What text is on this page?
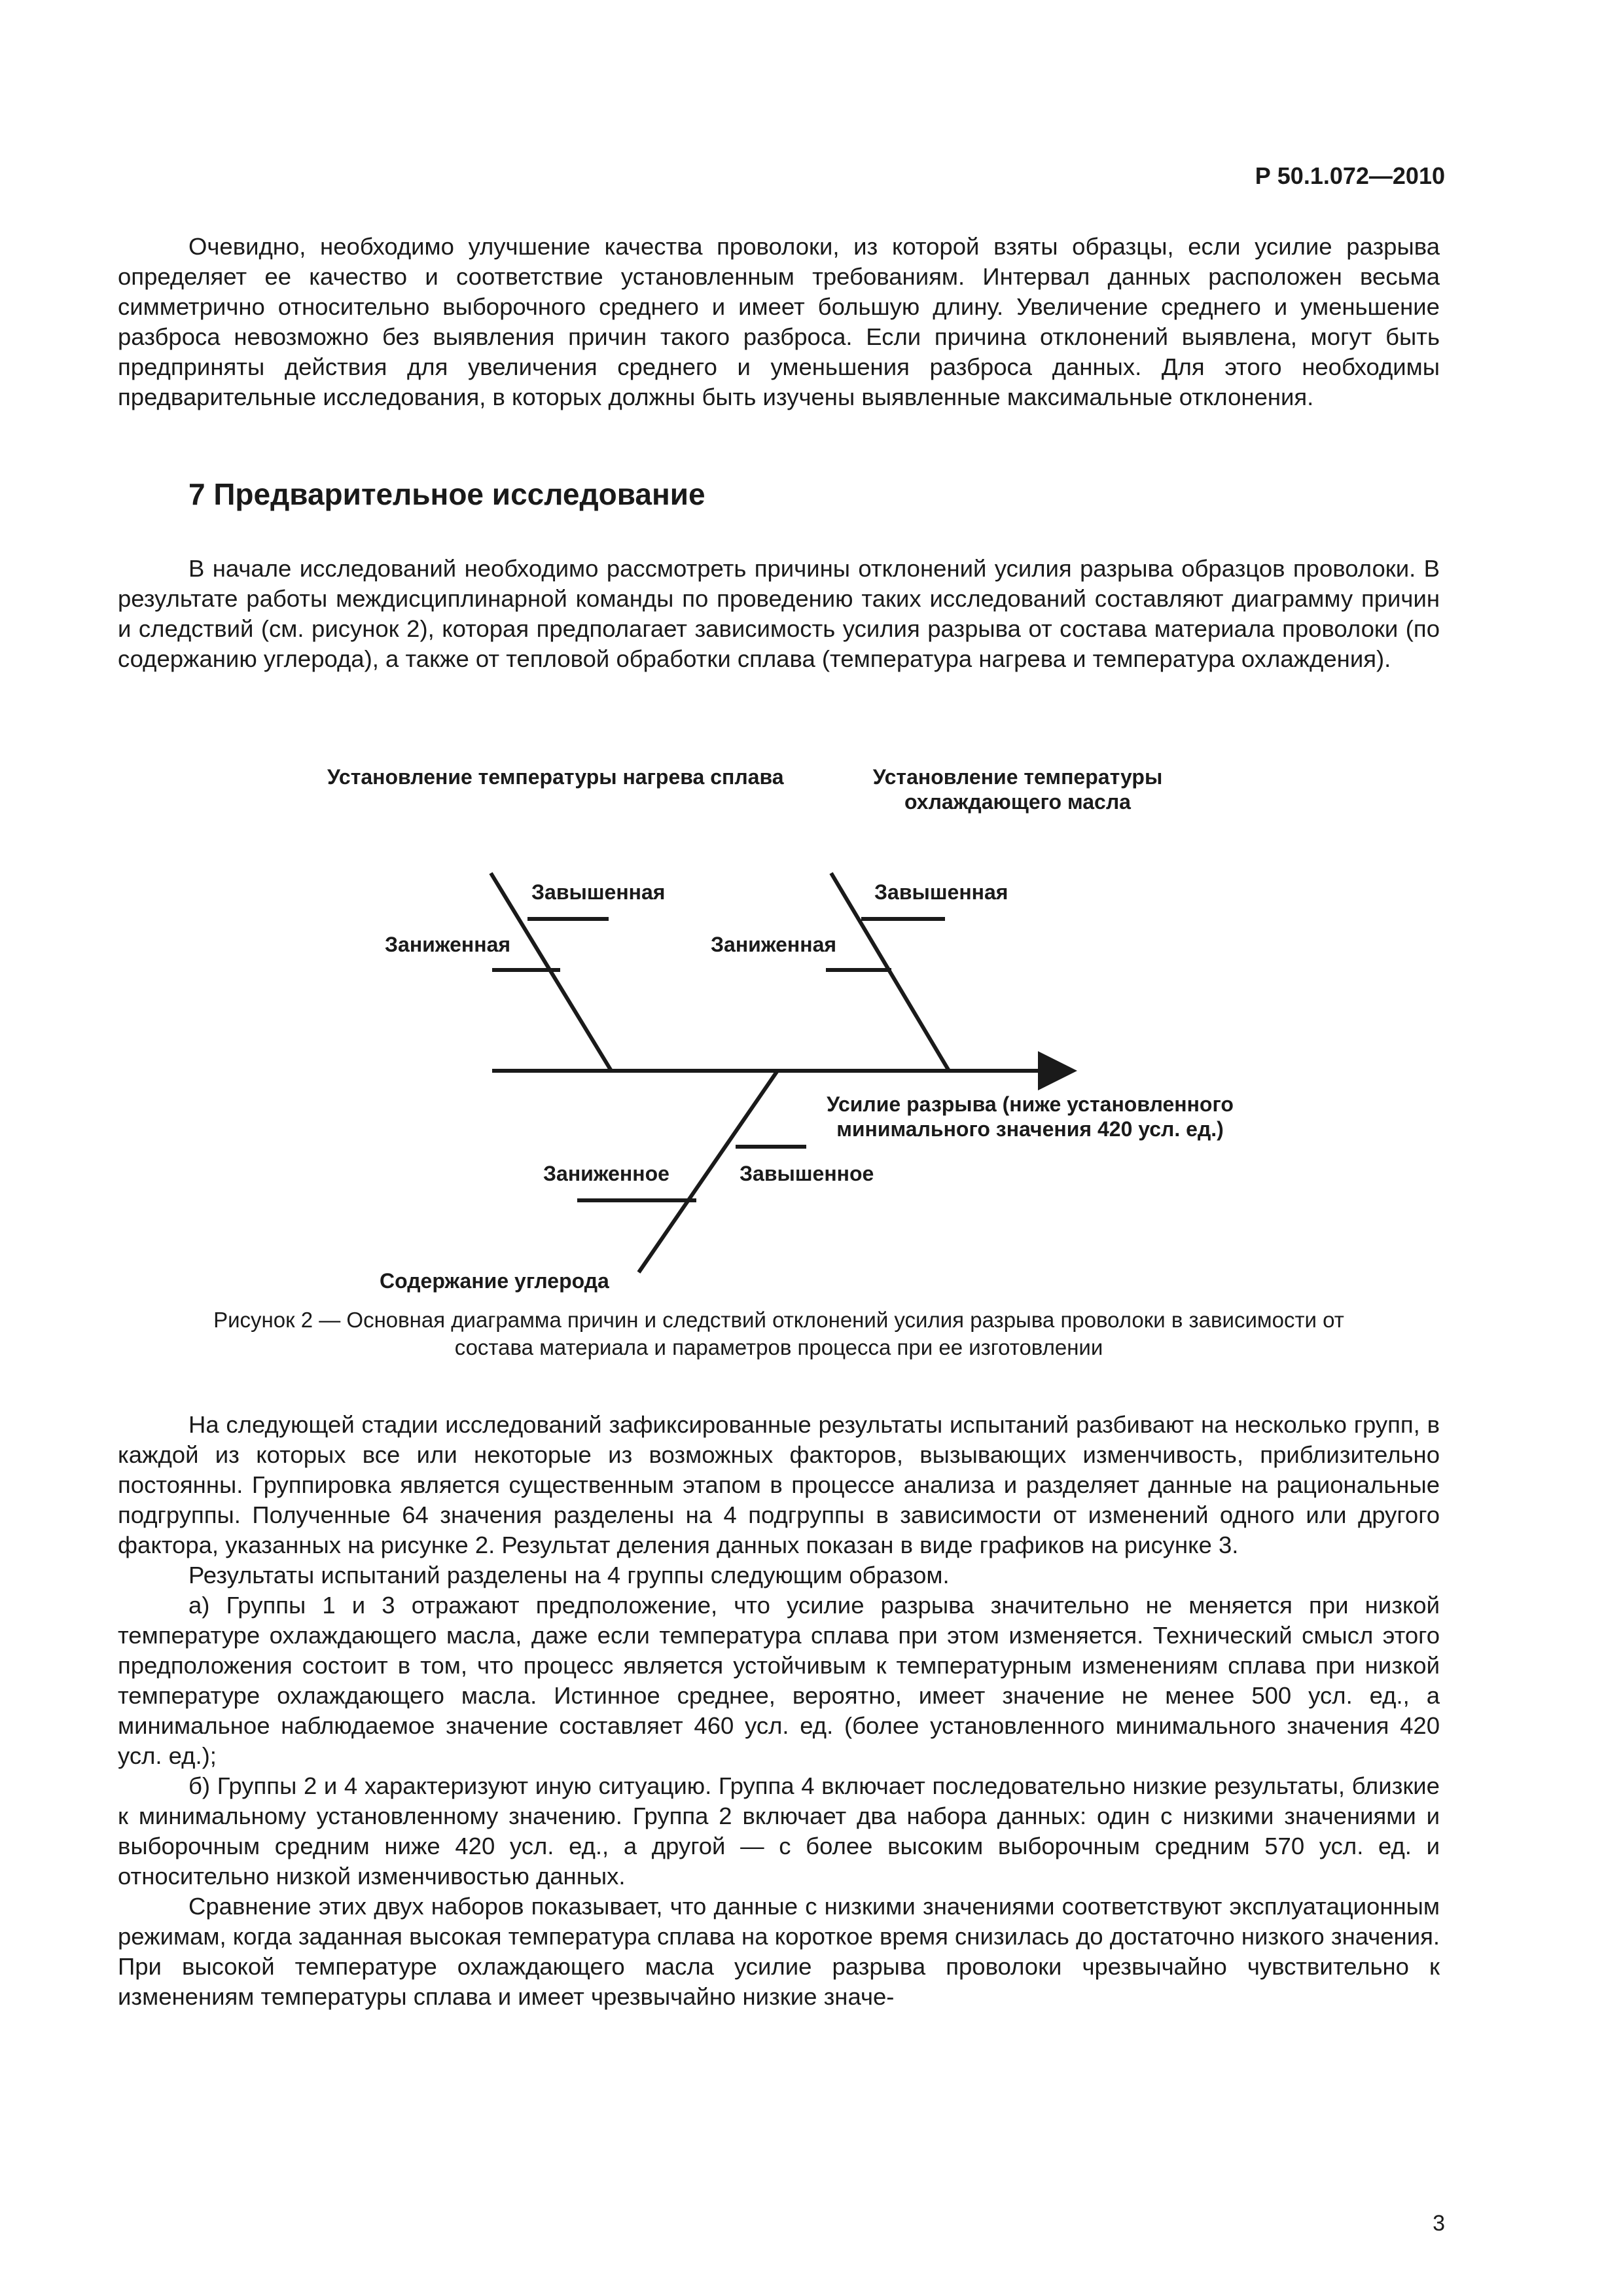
Р 50.1.072—2010

Очевидно, необходимо улучшение качества проволоки, из которой взяты образцы, если усилие разрыва определяет ее качество и соответствие установленным требованиям. Интервал данных расположен весьма симметрично относительно выборочного среднего и имеет большую длину. Увеличение среднего и уменьшение разброса невозможно без выявления причин такого разброса. Если причина отклонений выявлена, могут быть предприняты действия для увеличения среднего и уменьшения разброса данных. Для этого необходимы предварительные исследования, в которых должны быть изучены выявленные максимальные отклонения.

7 Предварительное исследование

В начале исследований необходимо рассмотреть причины отклонений усилия разрыва образцов проволоки. В результате работы междисциплинарной команды по проведению таких исследований составляют диаграмму причин и следствий (см. рисунок 2), которая предполагает зависимость усилия разрыва от состава материала проволоки (по содержанию углерода), а также от тепловой обработки сплава (температура нагрева и температура охлаждения).

Установление температуры нагрева сплава	Установление температуры
охлаждающего масла
Завышенная
Заниженная
Завышенная
Заниженная
Усилие разрыва (ниже установленного
минимального значения 420 усл. ед.)
Заниженное	Завышенное
Содержание углерода
Рисунок 2 — Основная диаграмма причин и следствий отклонений усилия разрыва проволоки в зависимости от
состава материала и параметров процесса при ее изготовлении

На следующей стадии исследований зафиксированные результаты испытаний разбивают на несколько групп, в каждой из которых все или некоторые из возможных факторов, вызывающих изменчивость, приблизительно постоянны. Группировка является существенным этапом в процессе анализа и разделяет данные на рациональные подгруппы. Полученные 64 значения разделены на 4 подгруппы в зависимости от изменений одного или другого фактора, указанных на рисунке 2. Результат деления данных показан в виде графиков на рисунке 3.

Результаты испытаний разделены на 4 группы следующим образом.

а) Группы 1 и 3 отражают предположение, что усилие разрыва значительно не меняется при низкой температуре охлаждающего масла, даже если температура сплава при этом изменяется. Технический смысл этого предположения состоит в том, что процесс является устойчивым к температурным изменениям сплава при низкой температуре охлаждающего масла. Истинное среднее, вероятно, имеет значение не менее 500 усл. ед., а минимальное наблюдаемое значение составляет 460 усл. ед. (более установленного минимального значения 420 усл. ед.);

б) Группы 2 и 4 характеризуют иную ситуацию. Группа 4 включает последовательно низкие результаты, близкие к минимальному установленному значению. Группа 2 включает два набора данных: один с низкими значениями и выборочным средним ниже 420 усл. ед., а другой — с более высоким выборочным средним 570 усл. ед. и относительно низкой изменчивостью данных.

Сравнение этих двух наборов показывает, что данные с низкими значениями соответствуют эксплуатационным режимам, когда заданная высокая температура сплава на короткое время снизилась до достаточно низкого значения. При высокой температуре охлаждающего масла усилие разрыва проволоки чрезвычайно чувствительно к изменениям температуры сплава и имеет чрезвычайно низкие значе-

3
